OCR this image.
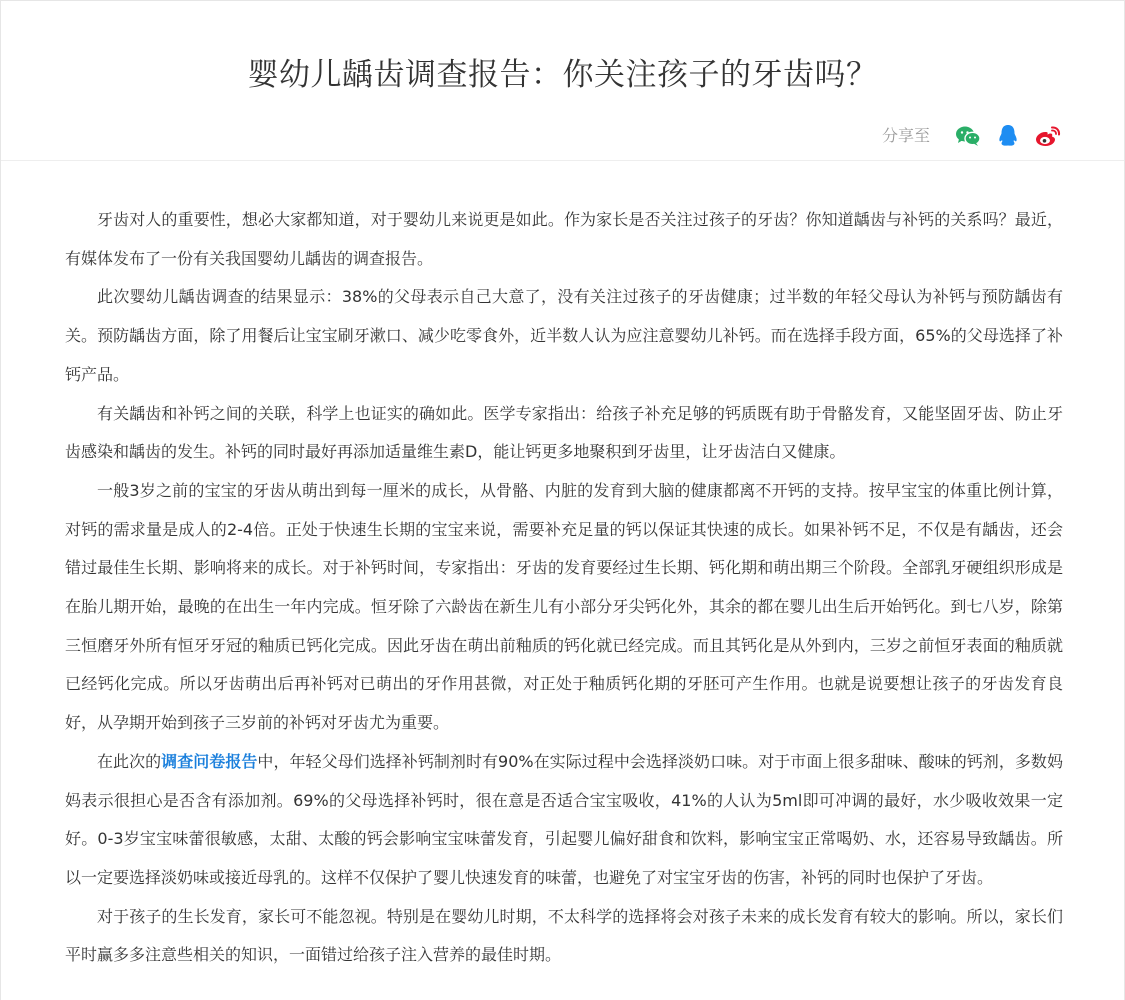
婴幼儿龋齿调查报告：你关注孩子的牙齿吗？
分享至

牙齿对人的重要性，想必大家都知道，对于婴幼儿来说更是如此。作为家长是否关注过孩子的牙齿？你知道龋齿与补钙的关系吗？最近，有媒体发布了一份有关我国婴幼儿龋齿的调查报告。

此次婴幼儿龋齿调查的结果显示：38%的父母表示自己大意了，没有关注过孩子的牙齿健康；过半数的年轻父母认为补钙与预防龋齿有关。预防龋齿方面，除了用餐后让宝宝刷牙漱口、减少吃零食外，近半数人认为应注意婴幼儿补钙。而在选择手段方面，65%的父母选择了补钙产品。

有关龋齿和补钙之间的关联，科学上也证实的确如此。医学专家指出：给孩子补充足够的钙质既有助于骨骼发育，又能坚固牙齿、防止牙齿感染和龋齿的发生。补钙的同时最好再添加适量维生素D，能让钙更多地聚积到牙齿里，让牙齿洁白又健康。

一般3岁之前的宝宝的牙齿从萌出到每一厘米的成长，从骨骼、内脏的发育到大脑的健康都离不开钙的支持。按早宝宝的体重比例计算，对钙的需求量是成人的2-4倍。正处于快速生长期的宝宝来说，需要补充足量的钙以保证其快速的成长。如果补钙不足，不仅是有龋齿，还会错过最佳生长期、影响将来的成长。对于补钙时间，专家指出：牙齿的发育要经过生长期、钙化期和萌出期三个阶段。全部乳牙硬组织形成是在胎儿期开始，最晚的在出生一年内完成。恒牙除了六龄齿在新生儿有小部分牙尖钙化外，其余的都在婴儿出生后开始钙化。到七八岁，除第三恒磨牙外所有恒牙牙冠的釉质已钙化完成。因此牙齿在萌出前釉质的钙化就已经完成。而且其钙化是从外到内，三岁之前恒牙表面的釉质就已经钙化完成。所以牙齿萌出后再补钙对已萌出的牙作用甚微，对正处于釉质钙化期的牙胚可产生作用。也就是说要想让孩子的牙齿发育良好，从孕期开始到孩子三岁前的补钙对牙齿尤为重要。

在此次的调查问卷报告中，年轻父母们选择补钙制剂时有90%在实际过程中会选择淡奶口味。对于市面上很多甜味、酸味的钙剂，多数妈妈表示很担心是否含有添加剂。69%的父母选择补钙时，很在意是否适合宝宝吸收，41%的人认为5ml即可冲调的最好，水少吸收效果一定好。0-3岁宝宝味蕾很敏感，太甜、太酸的钙会影响宝宝味蕾发育，引起婴儿偏好甜食和饮料，影响宝宝正常喝奶、水，还容易导致龋齿。所以一定要选择淡奶味或接近母乳的。这样不仅保护了婴儿快速发育的味蕾，也避免了对宝宝牙齿的伤害，补钙的同时也保护了牙齿。

对于孩子的生长发育，家长可不能忽视。特别是在婴幼儿时期，不太科学的选择将会对孩子未来的成长发育有较大的影响。所以，家长们平时赢多多注意些相关的知识，一面错过给孩子注入营养的最佳时期。
